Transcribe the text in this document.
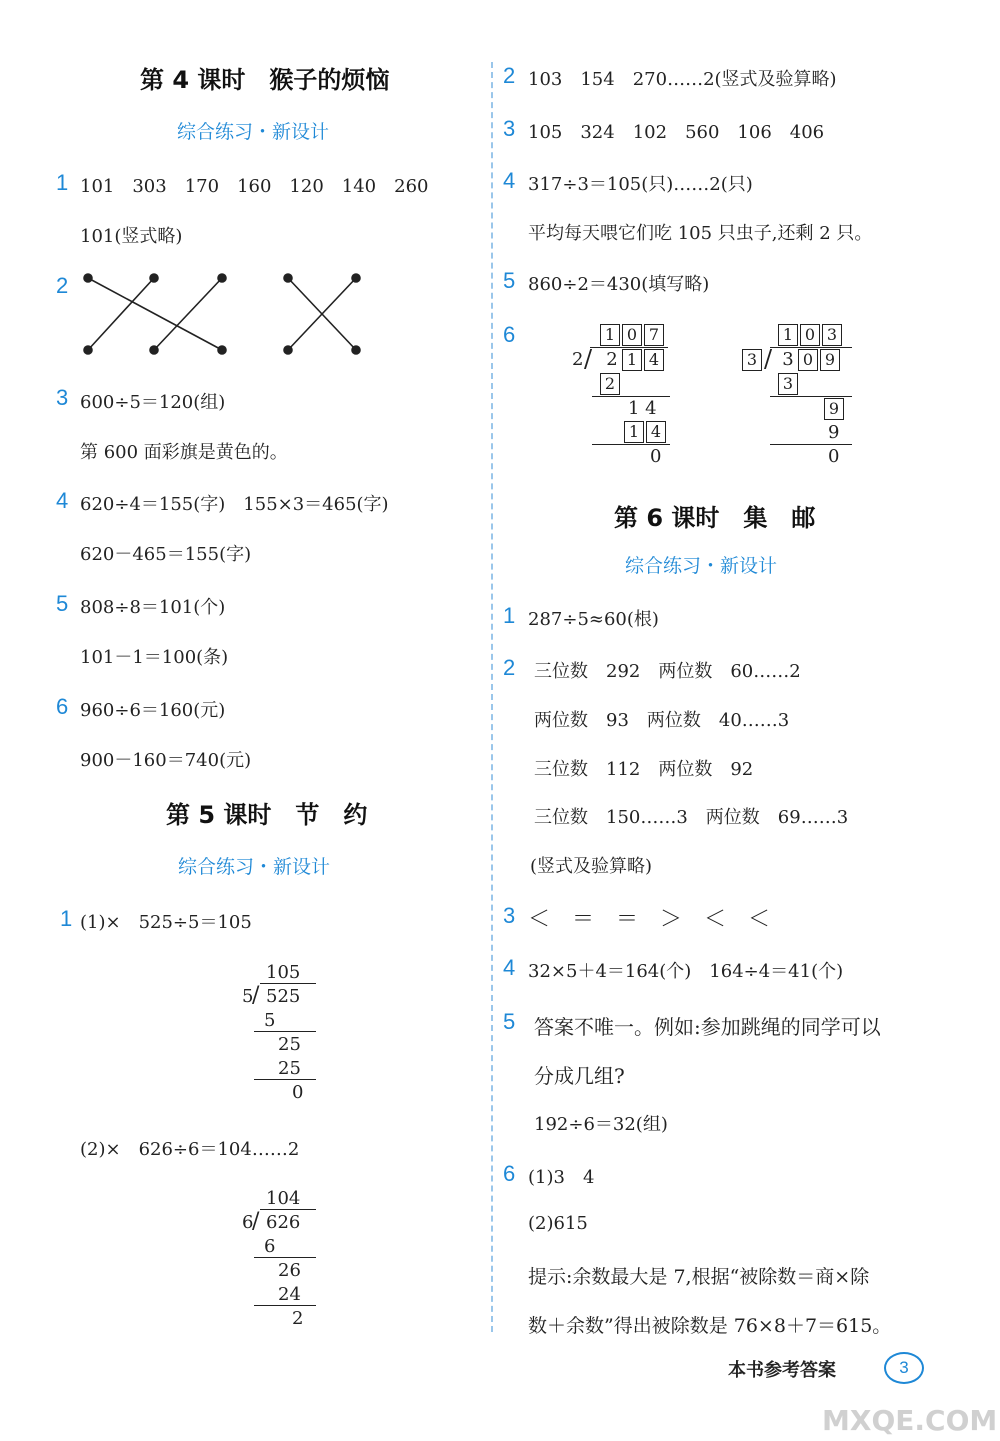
第 4 课时　猴子的烦恼
综合练习・新设计
1 101　303　170　160　120　140　260
101(竖式略)
2
3 600÷5＝120(组)
第 600 面彩旗是黄色的。
4 620÷4＝155(字)　155×3＝465(字)
620－465＝155(字)
5 808÷8＝101(个)
101－1＝100(条)
6 960÷6＝160(元)
900－160＝740(元)
第 5 课时　节　约
综合练习・新设计
1 (1)×　525÷5＝105
105
5
/ 525
5
25
25
0
(2)×　626÷6＝104……2
104
6
/ 626
6
26
24
2
2 103　154　270……2(竖式及验算略)
3 105　324　102　560　106　406
4 317÷3＝105(只)……2(只)
平均每天喂它们吃 105 只虫子,还剩 2 只。
5 860÷2＝430(填写略)
6	1 0 7
2 / 2 1 4
2
1 4
1 4
0
1 0 3
3 / 3 0 9
3
9
9
0
第 6 课时　集　邮
综合练习・新设计
1 287÷5≈60(根)
2 三位数　292　两位数　60……2
两位数　93　两位数　40……3
三位数　112　两位数　92
三位数　150……3　两位数　69……3
(竖式及验算略)
3 ＜　＝　＝　＞　＜　＜
4 32×5＋4＝164(个)　164÷4＝41(个)
5 答案不唯一。例如:参加跳绳的同学可以
分成几组?
192÷6＝32(组)
6 (1)3　4
(2)615
提示:余数最大是 7,根据“被除数＝商×除
数＋余数”得出被除数是 76×8＋7＝615。
本书参考答案	3
MXQE.COM
